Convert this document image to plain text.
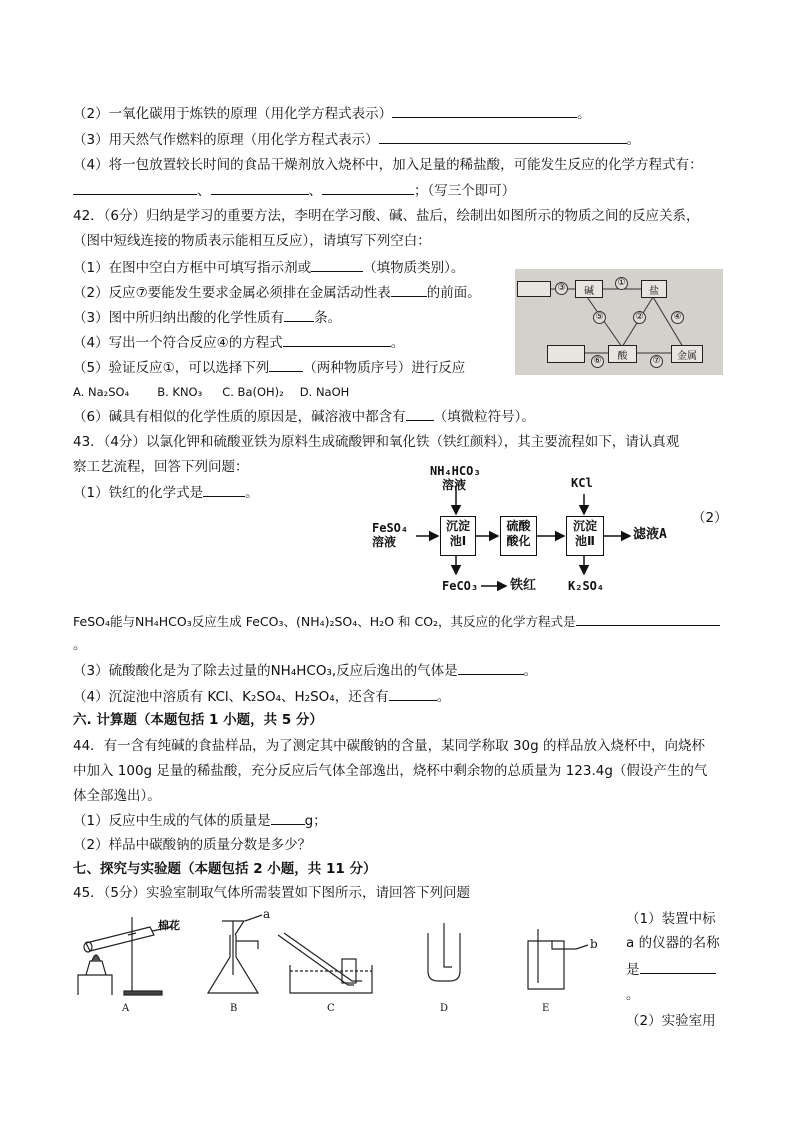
（2）一氧化碳用于炼铁的原理（用化学方程式表示）	。
（3）用天然气作燃料的原理（用化学方程式表示）	。
（4）将一包放置较长时间的食品干燥剂放入烧杯中，加入足量的稀盐酸，可能发生反应的化学方程式有：
、	、	；（写三个即可）
42．（6分）归纳是学习的重要方法，李明在学习酸、碱、盐后，绘制出如图所示的物质之间的反应关系，
（图中短线连接的物质表示能相互反应），请填写下列空白：
（1）在图中空白方框中可填写指示剂或	（填物质类别）。
（2）反应⑦要能发生要求金属必须排在金属活动性表	的前面。
（3）图中所归纳出酸的化学性质有 条。
（4）写出一个符合反应④的方程式	。
（5）验证反应①，可以选择下列	（两种物质序号）进行反应
A. Na₂SO₄ B. KNO₃ C. Ba(OH)₂ D. NaOH
（6）碱具有相似的化学性质的原因是，碱溶液中都含有 （填微粒符号）。
碱	盐
酸	金属
③	①
⑤	②	④
⑥	⑦
43．（4分）以氯化钾和硫酸亚铁为原料生成硫酸钾和氧化铁（铁红颜料），其主要流程如下，请认真观
察工艺流程，回答下列问题：
（1）铁红的化学式是	。
NH₄HCO₃
溶液
FeSO₄
溶液
沉淀
池Ⅰ
硫酸
酸化
KCl
沉淀
池Ⅱ	滤液A
FeCO₃ 铁红	K₂SO₄
（2）
FeSO₄能与NH₄HCO₃反应生成 FeCO₃、(NH₄)₂SO₄、H₂O 和 CO₂，其反应的化学方程式是
。
（3）硫酸酸化是为了除去过量的NH₄HCO₃,反应后逸出的气体是	。
（4）沉淀池中溶质有 KCl、K₂SO₄、H₂SO₄，还含有	。
六. 计算题（本题包括 1 小题，共 5 分）
44．有一含有纯碱的食盐样品，为了测定其中碳酸钠的含量，某同学称取 30g 的样品放入烧杯中，向烧杯
中加入 100g 足量的稀盐酸，充分反应后气体全部逸出，烧杯中剩余物的总质量为 123.4g（假设产生的气
体全部逸出）。
（1）反应中生成的气体的质量是	g；
（2）样品中碳酸钠的质量分数是多少？
七、探究与实验题（本题包括 2 小题，共 11 分）
45．（5分）实验室制取气体所需装置如下图所示，请回答下列问题
（1）装置中标
a 的仪器的名称
是
。
（2）实验室用
棉花
a
b
A	B	C	D	E
